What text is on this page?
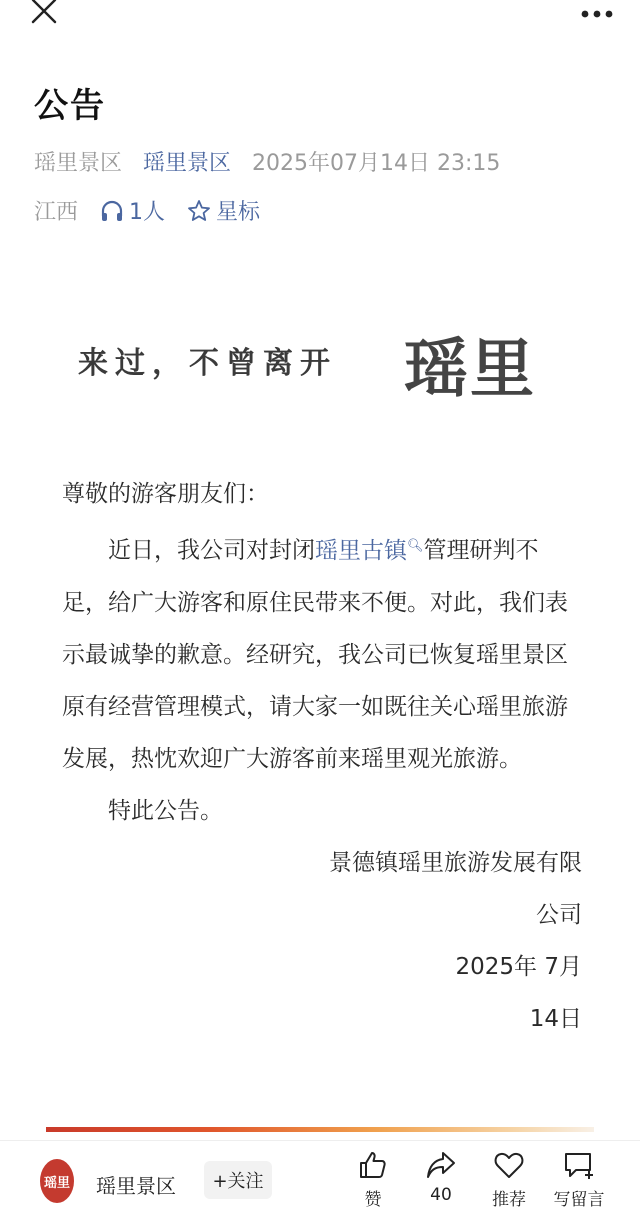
公告
瑶里景区 瑶里景区 2025年07月14日 23:15
江西 1人 星标
来过，不曾离开 瑶里

尊敬的游客朋友们：

近日，我公司对封闭瑶里古镇🔍︎管理研判不足，给广大游客和原住民带来不便。对此，我们表示最诚挚的歉意。经研究，我公司已恢复瑶里景区原有经营管理模式，请大家一如既往关心瑶里旅游发展，热忱欢迎广大游客前来瑶里观光旅游。

特此公告。

景德镇瑶里旅游发展有限

公司

2025年 7月

14日

瑶里 瑶里景区	+关注
赞	40	推荐	写留言
